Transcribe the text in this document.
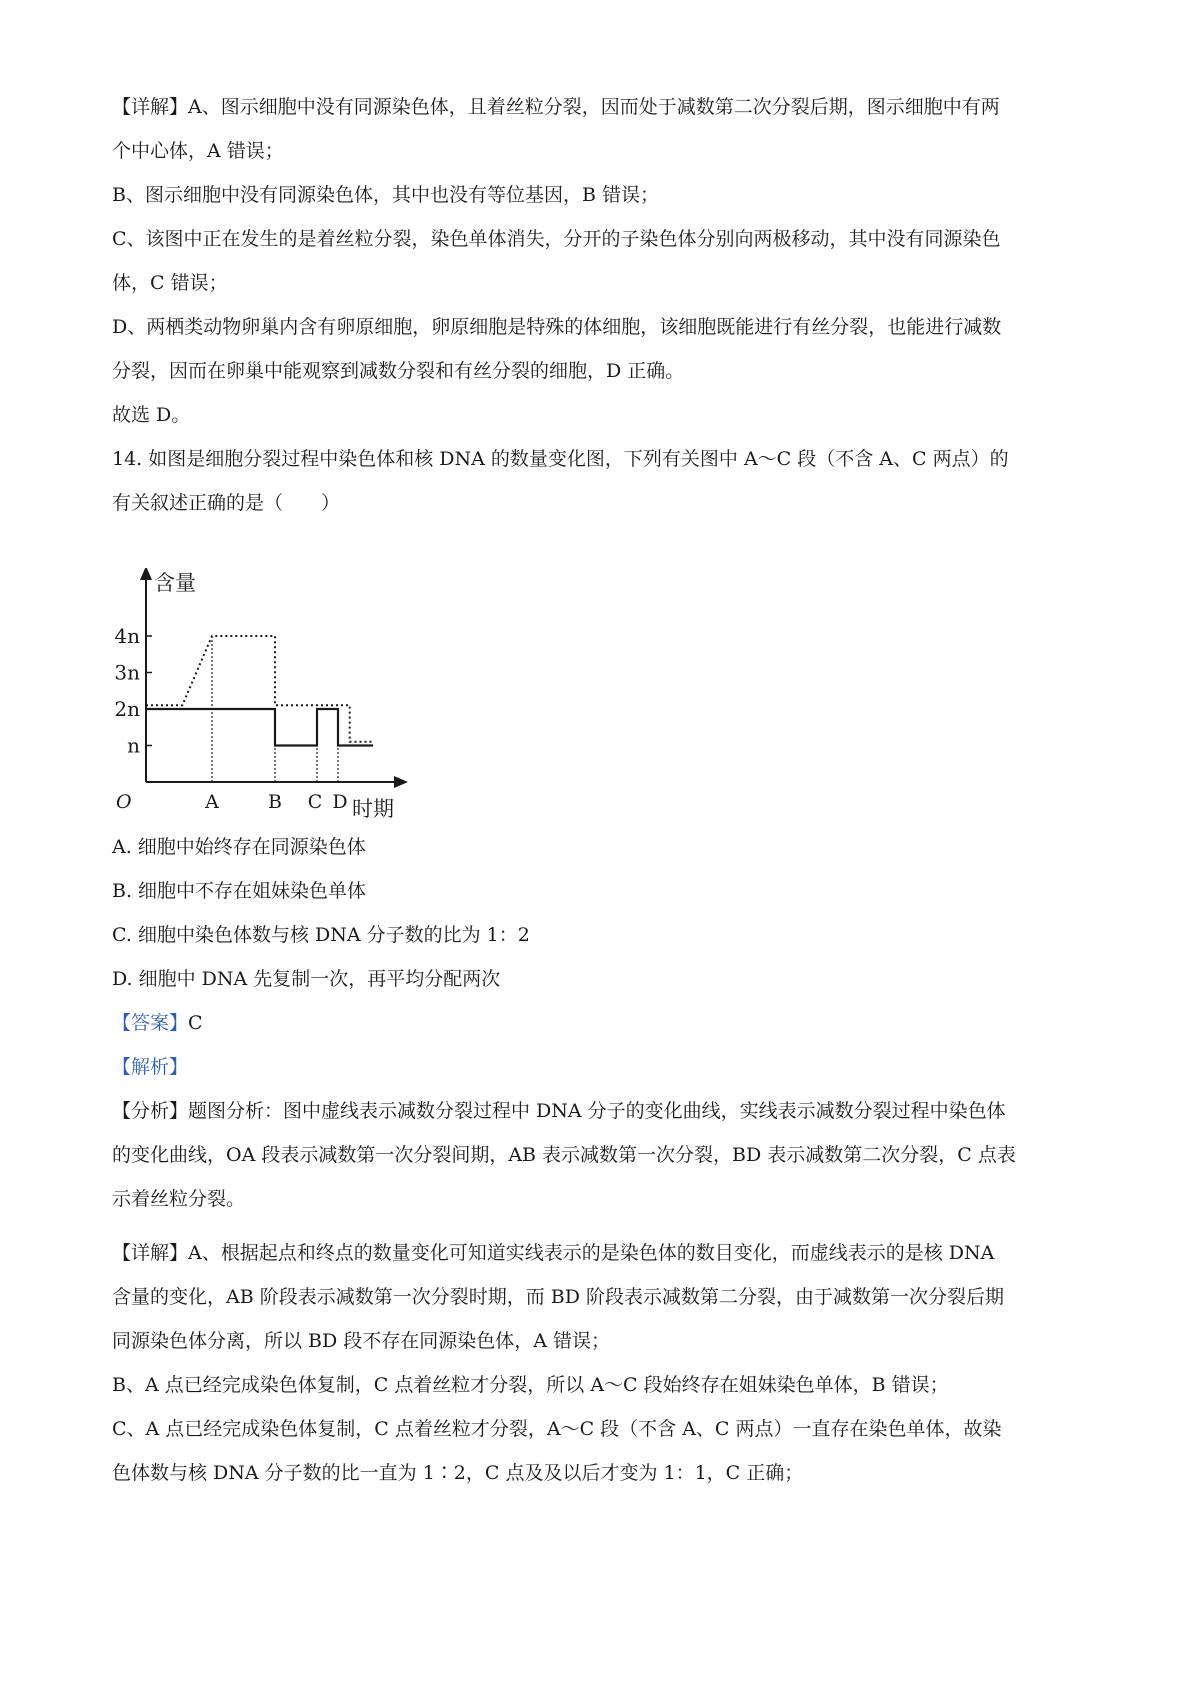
【详解】A、图示细胞中没有同源染色体，且着丝粒分裂，因而处于减数第二次分裂后期，图示细胞中有两
个中心体，A 错误；
B、图示细胞中没有同源染色体，其中也没有等位基因，B 错误；
C、该图中正在发生的是着丝粒分裂，染色单体消失，分开的子染色体分别向两极移动，其中没有同源染色
体，C 错误；
D、两栖类动物卵巢内含有卵原细胞，卵原细胞是特殊的体细胞，该细胞既能进行有丝分裂，也能进行减数
分裂，因而在卵巢中能观察到减数分裂和有丝分裂的细胞，D 正确。
故选 D。
14. 如图是细胞分裂过程中染色体和核 DNA 的数量变化图，下列有关图中 A～C 段（不含 A、C 两点）的
有关叙述正确的是（　　）
含量
时期
O
n
2n
3n
4n
A	B C D
A. 细胞中始终存在同源染色体
B. 细胞中不存在姐妹染色单体
C. 细胞中染色体数与核 DNA 分子数的比为 1：2
D. 细胞中 DNA 先复制一次，再平均分配两次
【答案】C
【解析】
【分析】题图分析：图中虚线表示减数分裂过程中 DNA 分子的变化曲线，实线表示减数分裂过程中染色体
的变化曲线，OA 段表示减数第一次分裂间期，AB 表示减数第一次分裂，BD 表示减数第二次分裂，C 点表
示着丝粒分裂。
【详解】A、根据起点和终点的数量变化可知道实线表示的是染色体的数目变化，而虚线表示的是核 DNA
含量的变化，AB 阶段表示减数第一次分裂时期，而 BD 阶段表示减数第二分裂，由于减数第一次分裂后期
同源染色体分离，所以 BD 段不存在同源染色体，A 错误；
B、A 点已经完成染色体复制，C 点着丝粒才分裂，所以 A～C 段始终存在姐妹染色单体，B 错误；
C、A 点已经完成染色体复制，C 点着丝粒才分裂，A～C 段（不含 A、C 两点）一直存在染色单体，故染
色体数与核 DNA 分子数的比一直为 1∶2，C 点及及以后才变为 1：1，C 正确；
